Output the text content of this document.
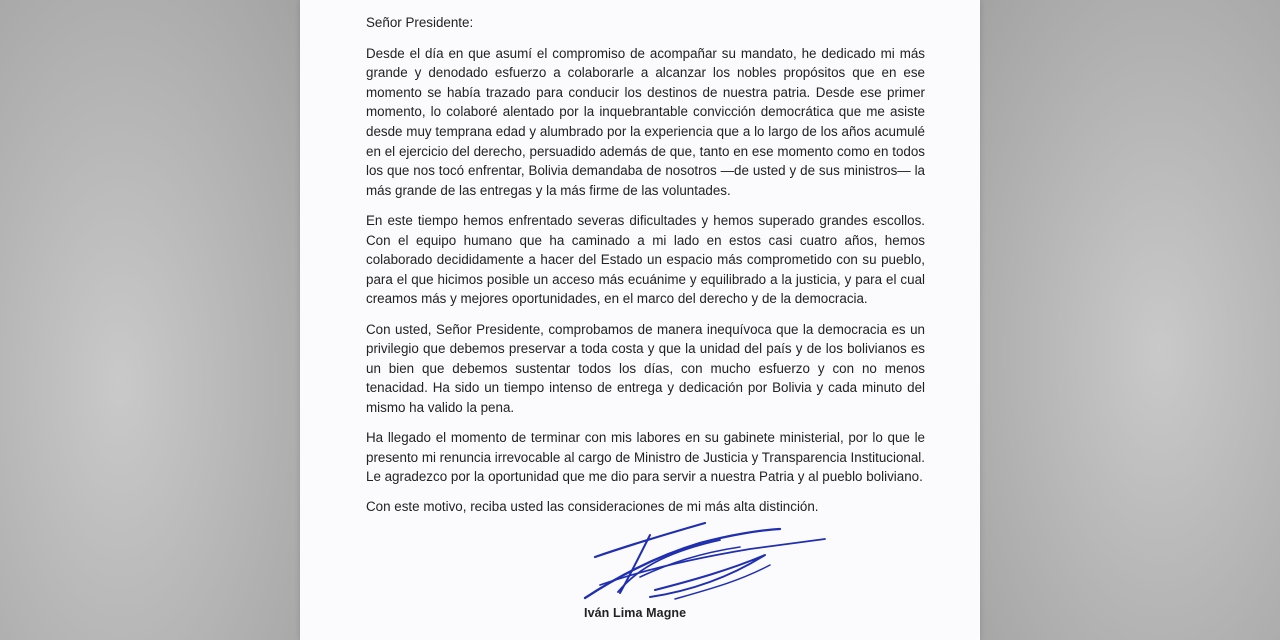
Señor Presidente:

Desde el día en que asumí el compromiso de acompañar su mandato, he dedicado mi más grande y denodado esfuerzo a colaborarle a alcanzar los nobles propósitos que en ese momento se había trazado para conducir los destinos de nuestra patria. Desde ese primer momento, lo colaboré alentado por la inquebrantable convicción democrática que me asiste desde muy temprana edad y alumbrado por la experiencia que a lo largo de los años acumulé en el ejercicio del derecho, persuadido además de que, tanto en ese momento como en todos los que nos tocó enfrentar, Bolivia demandaba de nosotros —de usted y de sus ministros— la más grande de las entregas y la más firme de las voluntades.

En este tiempo hemos enfrentado severas dificultades y hemos superado grandes escollos. Con el equipo humano que ha caminado a mi lado en estos casi cuatro años, hemos colaborado decididamente a hacer del Estado un espacio más comprometido con su pueblo, para el que hicimos posible un acceso más ecuánime y equilibrado a la justicia, y para el cual creamos más y mejores oportunidades, en el marco del derecho y de la democracia.

Con usted, Señor Presidente, comprobamos de manera inequívoca que la democracia es un privilegio que debemos preservar a toda costa y que la unidad del país y de los bolivianos es un bien que debemos sustentar todos los días, con mucho esfuerzo y con no menos tenacidad. Ha sido un tiempo intenso de entrega y dedicación por Bolivia y cada minuto del mismo ha valido la pena.

Ha llegado el momento de terminar con mis labores en su gabinete ministerial, por lo que le presento mi renuncia irrevocable al cargo de Ministro de Justicia y Transparencia Institucional. Le agradezco por la oportunidad que me dio para servir a nuestra Patria y al pueblo boliviano.

Con este motivo, reciba usted las consideraciones de mi más alta distinción.

Iván Lima Magne
